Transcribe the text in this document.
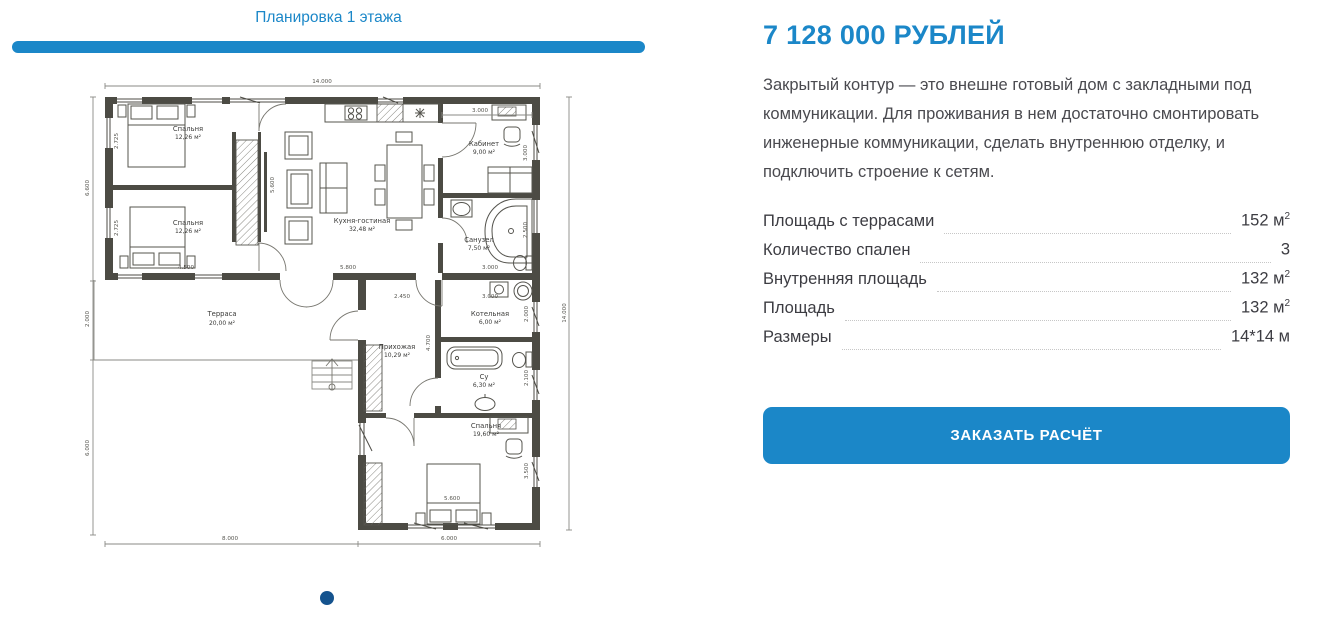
Планировка 1 этажа
Спальня
12,26 м²
Спальня
12,26 м²
Кухня-гостиная
32,48 м²
Кабинет
9,00 м²
Санузел
7,50 м²
Терраса
20,00 м²
Прихожая
10,29 м²
Котельная
6,00 м²
Су
6,30 м²
Спальня
19,60 м²
14.000
6.600
2.000
6.000
2.725
2.725
8.000	6.000
14.000
3.000
3.000
2.500
5.600
4.500	5.800	3.000
2.450	3.000
4.700
2.000
2.100
3.500
5.600
7 128 000 РУБЛЕЙ

Закрытый контур — это внешне готовый дом с закладными под коммуникации. Для проживания в нем достаточно смонтировать инженерные коммуникации, сделать внутреннюю отделку, и подключить строение к сетям.

Площадь с террасами	152 $м^2$
Количество спален	3
Внутренняя площадь	132 $м^2$
Площадь	132 $м^2$
Размеры	14*14 м
ЗАКАЗАТЬ РАСЧЁТ
